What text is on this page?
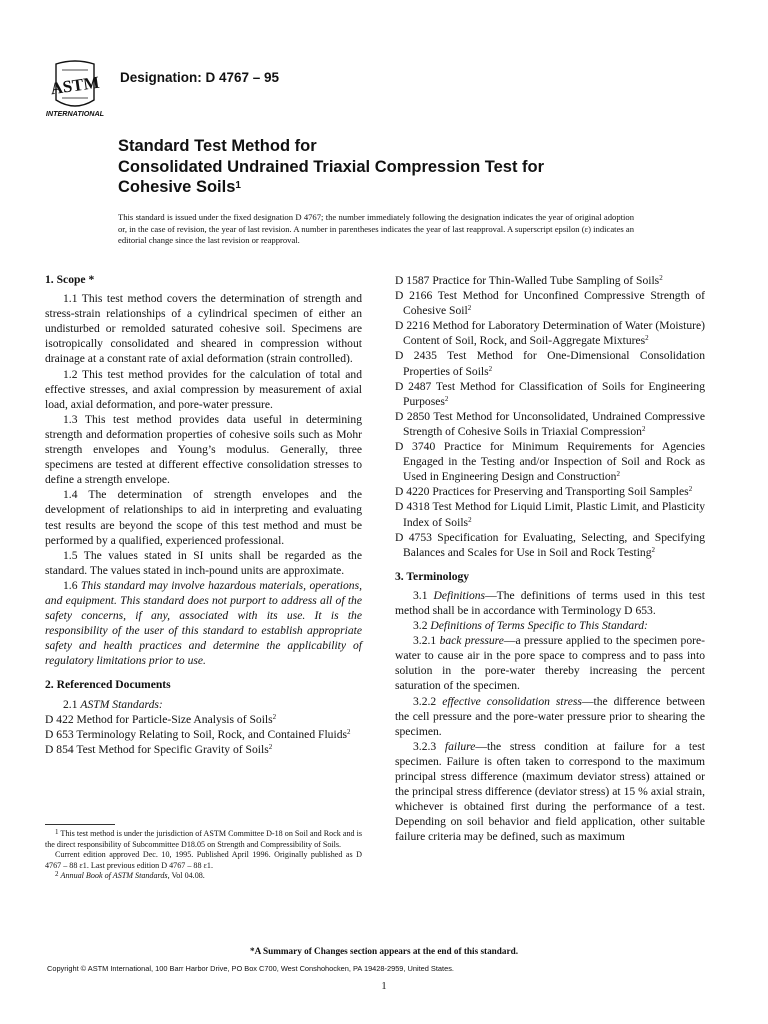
ASTM
INTERNATIONAL
Designation: D 4767 – 95
Standard Test Method for
Consolidated Undrained Triaxial Compression Test for
Cohesive Soils$^1$
This standard is issued under the fixed designation D 4767; the number immediately following the designation indicates the year of original adoption or, in the case of revision, the year of last revision. A number in parentheses indicates the year of last reapproval. A superscript epsilon (ε) indicates an editorial change since the last revision or reapproval.

1. Scope *

1.1 This test method covers the determination of strength and stress-strain relationships of a cylindrical specimen of either an undisturbed or remolded saturated cohesive soil. Specimens are isotropically consolidated and sheared in compression without drainage at a constant rate of axial deformation (strain controlled).

1.2 This test method provides for the calculation of total and effective stresses, and axial compression by measurement of axial load, axial deformation, and pore-water pressure.

1.3 This test method provides data useful in determining strength and deformation properties of cohesive soils such as Mohr strength envelopes and Young’s modulus. Generally, three specimens are tested at different effective consolidation stresses to define a strength envelope.

1.4 The determination of strength envelopes and the development of relationships to aid in interpreting and evaluating test results are beyond the scope of this test method and must be performed by a qualified, experienced professional.

1.5 The values stated in SI units shall be regarded as the standard. The values stated in inch-pound units are approximate.

1.6 This standard may involve hazardous materials, operations, and equipment. This standard does not purport to address all of the safety concerns, if any, associated with its use. It is the responsibility of the user of this standard to establish appropriate safety and health practices and determine the applicability of regulatory limitations prior to use.

2. Referenced Documents

2.1 ASTM Standards:

D 422 Method for Particle-Size Analysis of Soils$^2$

D 653 Terminology Relating to Soil, Rock, and Contained Fluids$^2$

D 854 Test Method for Specific Gravity of Soils$^2$

$^1$ This test method is under the jurisdiction of ASTM Committee D-18 on Soil and Rock and is the direct responsibility of Subcommittee D18.05 on Strength and Compressibility of Soils.

Current edition approved Dec. 10, 1995. Published April 1996. Originally published as D 4767 – 88 ε1. Last previous edition D 4767 – 88 ε1.

$^2$ Annual Book of ASTM Standards, Vol 04.08.

D 1587 Practice for Thin-Walled Tube Sampling of Soils$^2$

D 2166 Test Method for Unconfined Compressive Strength of Cohesive Soil$^2$

D 2216 Method for Laboratory Determination of Water (Moisture) Content of Soil, Rock, and Soil-Aggregate Mixtures$^2$

D 2435 Test Method for One-Dimensional Consolidation Properties of Soils$^2$

D 2487 Test Method for Classification of Soils for Engineering Purposes$^2$

D 2850 Test Method for Unconsolidated, Undrained Compressive Strength of Cohesive Soils in Triaxial Compression$^2$

D 3740 Practice for Minimum Requirements for Agencies Engaged in the Testing and/or Inspection of Soil and Rock as Used in Engineering Design and Construction$^2$

D 4220 Practices for Preserving and Transporting Soil Samples$^2$

D 4318 Test Method for Liquid Limit, Plastic Limit, and Plasticity Index of Soils$^2$

D 4753 Specification for Evaluating, Selecting, and Specifying Balances and Scales for Use in Soil and Rock Testing$^2$

3. Terminology

3.1 Definitions—The definitions of terms used in this test method shall be in accordance with Terminology D 653.

3.2 Definitions of Terms Specific to This Standard:

3.2.1 back pressure—a pressure applied to the specimen pore-water to cause air in the pore space to compress and to pass into solution in the pore-water thereby increasing the percent saturation of the specimen.

3.2.2 effective consolidation stress—the difference between the cell pressure and the pore-water pressure prior to shearing the specimen.

3.2.3 failure—the stress condition at failure for a test specimen. Failure is often taken to correspond to the maximum principal stress difference (maximum deviator stress) attained or the principal stress difference (deviator stress) at 15 % axial strain, whichever is obtained first during the performance of a test. Depending on soil behavior and field application, other suitable failure criteria may be defined, such as maximum

*A Summary of Changes section appears at the end of this standard.
Copyright © ASTM International, 100 Barr Harbor Drive, PO Box C700, West Conshohocken, PA 19428-2959, United States.
1
